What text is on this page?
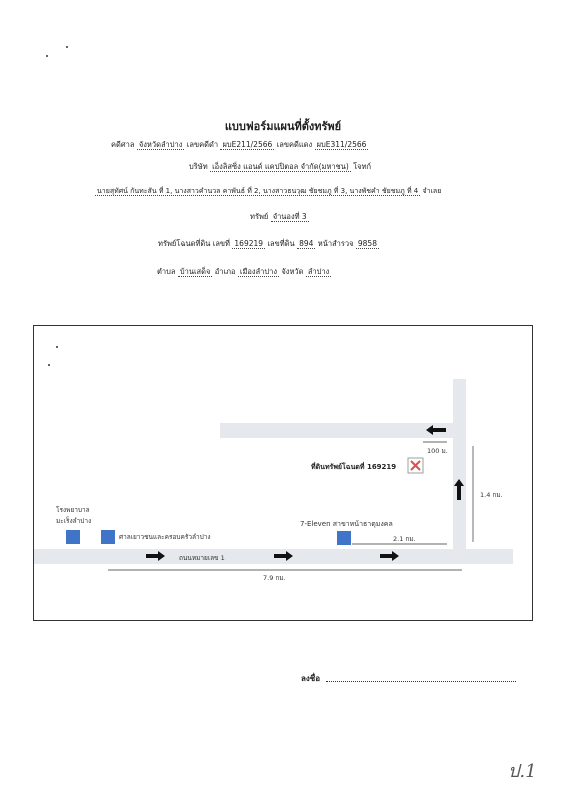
แบบฟอร์มแผนที่ตั้งทรัพย์
คดีศาล จังหวัดลำปาง เลขคดีดำ ผบE211/2566 เลขคดีแดง ผบE311/2566
บริษัท เอ็งลิสซิ่ง แอนด์ แคปปิตอล จำกัด(มหาชน) โจทก์
นายสุทัศน์ กันทะสัน ที่ 1, นางสาวคำนวล คาพันธ์ ที่ 2, นางสาวธนวุฒ ชัยชมภู ที่ 3, นางพัชคำ ชัยชมภู ที่ 4 จำเลย
ทรัพย์ จำนองที่ 3
ทรัพย์โฉนดที่ดิน เลขที่ 169219 เลขที่ดิน 894 หน้าสำรวจ 9858
ตำบล บ้านเสด็จ อำเภอ เมืองลำปาง จังหวัด ลำปาง
โรงพยาบาล
มะเร็งลำปาง
ศาลเยาวชนและครอบครัวลำปาง
7-Eleven สาขาหน้าธาตุมงคล
ถนนหมายเลข 1
7.9 กม.
2.1 กม.
1.4 กม.
100 ม.
ที่ดินทรัพย์โฉนดที่ 169219
ลงชื่อ
ป.1
